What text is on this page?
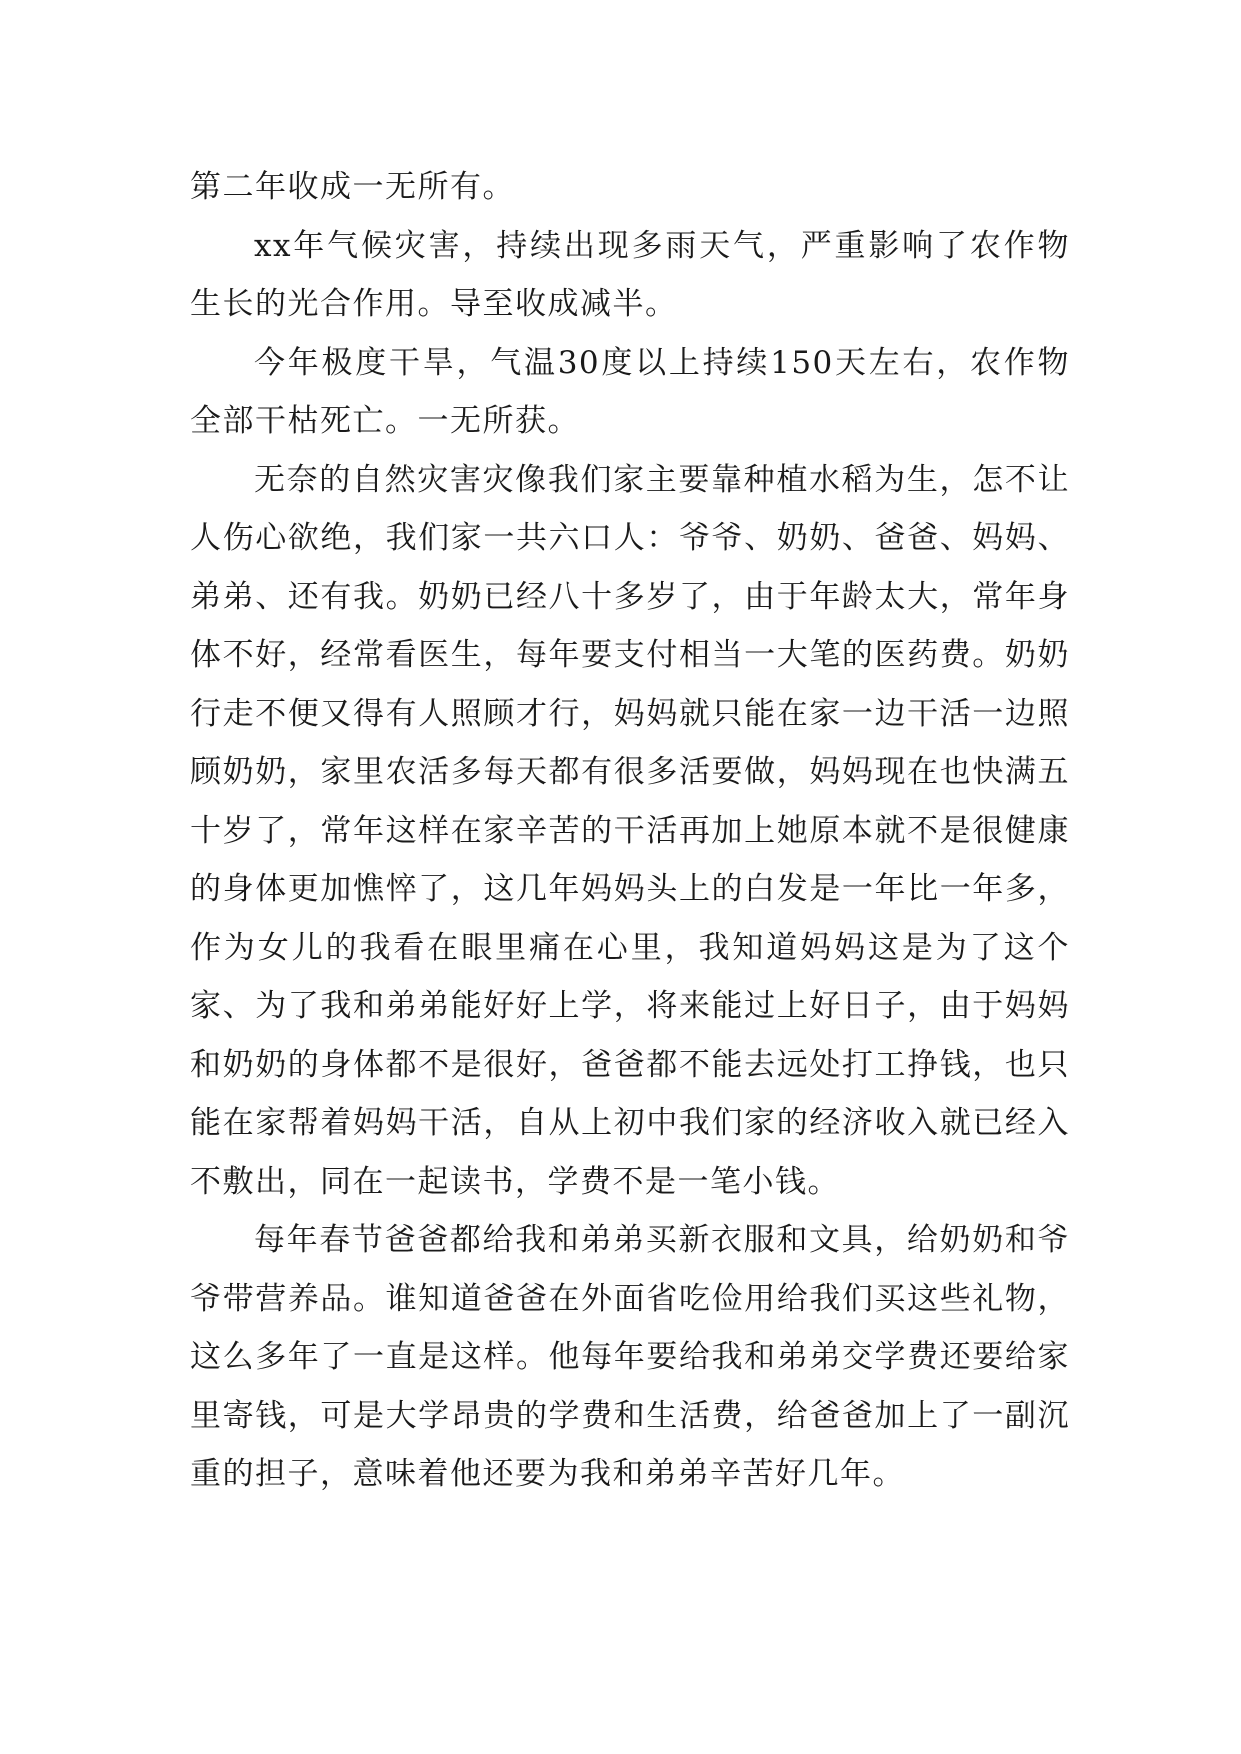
第二年收成一无所有。

xx年气候灾害，持续出现多雨天气，严重影响了农作物生长的光合作用。导至收成减半。

今年极度干旱，气温30度以上持续150天左右，农作物全部干枯死亡。一无所获。

无奈的自然灾害灾像我们家主要靠种植水稻为生，怎不让人伤心欲绝，我们家一共六口人：爷爷、奶奶、爸爸、妈妈、弟弟、还有我。奶奶已经八十多岁了，由于年龄太大，常年身体不好，经常看医生，每年要支付相当一大笔的医药费。奶奶行走不便又得有人照顾才行，妈妈就只能在家一边干活一边照顾奶奶，家里农活多每天都有很多活要做，妈妈现在也快满五十岁了，常年这样在家辛苦的干活再加上她原本就不是很健康的身体更加憔悴了，这几年妈妈头上的白发是一年比一年多，作为女儿的我看在眼里痛在心里，我知道妈妈这是为了这个家、为了我和弟弟能好好上学，将来能过上好日子，由于妈妈和奶奶的身体都不是很好，爸爸都不能去远处打工挣钱，也只能在家帮着妈妈干活，自从上初中我们家的经济收入就已经入不敷出，同在一起读书，学费不是一笔小钱。

每年春节爸爸都给我和弟弟买新衣服和文具，给奶奶和爷爷带营养品。谁知道爸爸在外面省吃俭用给我们买这些礼物，这么多年了一直是这样。他每年要给我和弟弟交学费还要给家里寄钱，可是大学昂贵的学费和生活费，给爸爸加上了一副沉重的担子，意味着他还要为我和弟弟辛苦好几年。
